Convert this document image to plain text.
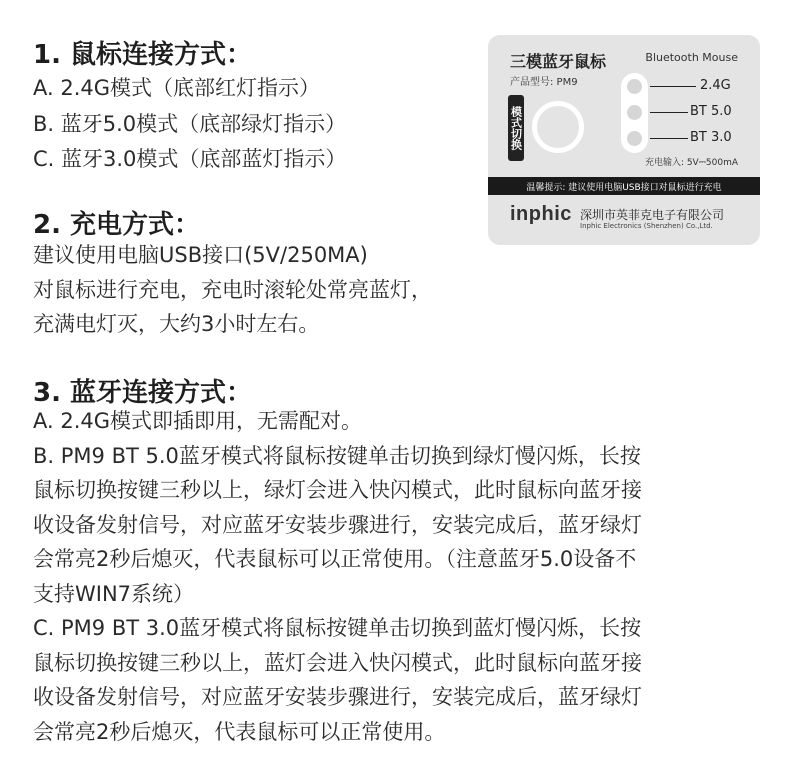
1. 鼠标连接方式：
A. 2.4G模式（底部红灯指示）
B. 蓝牙5.0模式（底部绿灯指示）
C. 蓝牙3.0模式（底部蓝灯指示）
2. 充电方式：
建议使用电脑USB接口(5V/250MA)
对鼠标进行充电，充电时滚轮处常亮蓝灯，
充满电灯灭，大约3小时左右。
3. 蓝牙连接方式：
A. 2.4G模式即插即用，无需配对。
B. PM9 BT 5.0蓝牙模式将鼠标按键单击切换到绿灯慢闪烁，长按
鼠标切换按键三秒以上，绿灯会进入快闪模式，此时鼠标向蓝牙接
收设备发射信号，对应蓝牙安装步骤进行，安装完成后，蓝牙绿灯
会常亮2秒后熄灭，代表鼠标可以正常使用。（注意蓝牙5.0设备不
支持WIN7系统）
C. PM9 BT 3.0蓝牙模式将鼠标按键单击切换到蓝灯慢闪烁，长按
鼠标切换按键三秒以上，蓝灯会进入快闪模式，此时鼠标向蓝牙接
收设备发射信号，对应蓝牙安装步骤进行，安装完成后，蓝牙绿灯
会常亮2秒后熄灭，代表鼠标可以正常使用。
三模蓝牙鼠标	Bluetooth Mouse
产品型号: PM9
模式切换
2.4G
BT 5.0
BT 3.0
充电输入: 5V⎓500mA
温馨提示: 建议使用电脑USB接口对鼠标进行充电
inphic 深圳市英菲克电子有限公司
Inphic Electronics (Shenzhen) Co.,Ltd.
